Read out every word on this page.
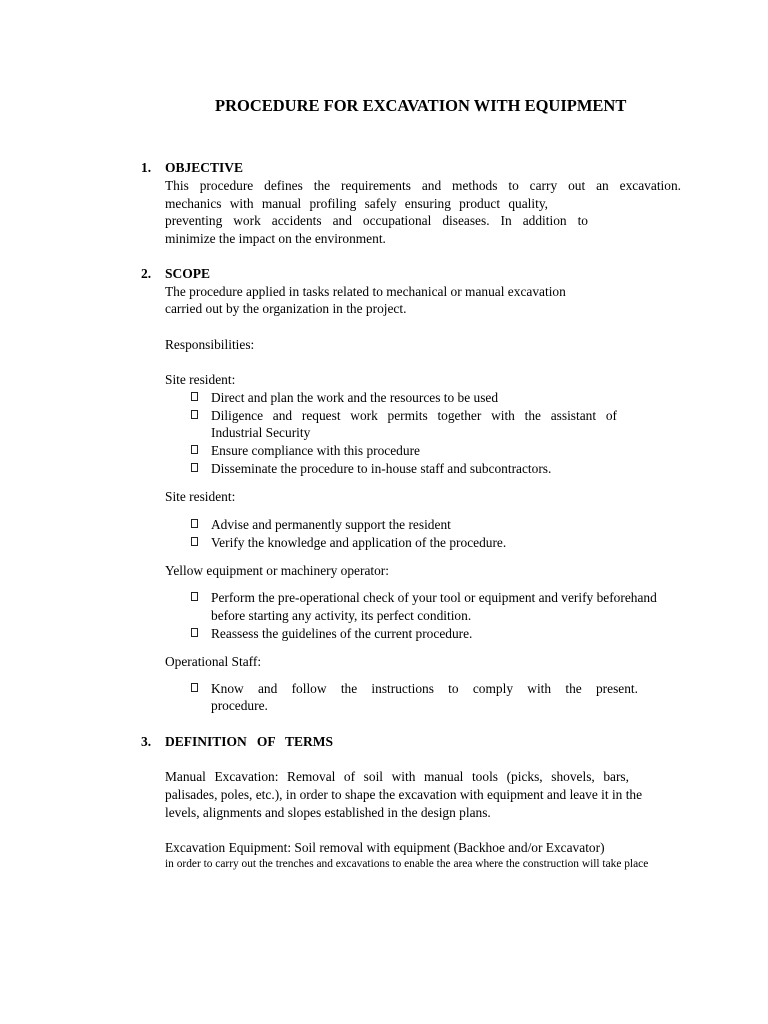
PROCEDURE FOR EXCAVATION WITH EQUIPMENT
1. OBJECTIVE
This procedure defines the requirements and methods to carry out an excavation.
mechanics with manual profiling safely ensuring product quality,
preventing work accidents and occupational diseases. In addition to
minimize the impact on the environment.
2. SCOPE
The procedure applied in tasks related to mechanical or manual excavation
carried out by the organization in the project.
Responsibilities:
Site resident:
Direct and plan the work and the resources to be used
Diligence and request work permits together with the assistant of
Industrial Security
Ensure compliance with this procedure
Disseminate the procedure to in-house staff and subcontractors.
Site resident:
Advise and permanently support the resident
Verify the knowledge and application of the procedure.
Yellow equipment or machinery operator:
Perform the pre-operational check of your tool or equipment and verify beforehand
before starting any activity, its perfect condition.
Reassess the guidelines of the current procedure.
Operational Staff:
Know and follow the instructions to comply with the present.
procedure.
3. DEFINITION   OF   TERMS
Manual Excavation: Removal of soil with manual tools (picks, shovels, bars,
palisades, poles, etc.), in order to shape the excavation with equipment and leave it in the
levels, alignments and slopes established in the design plans.
Excavation Equipment: Soil removal with equipment (Backhoe and/or Excavator)
in order to carry out the trenches and excavations to enable the area where the construction will take place
